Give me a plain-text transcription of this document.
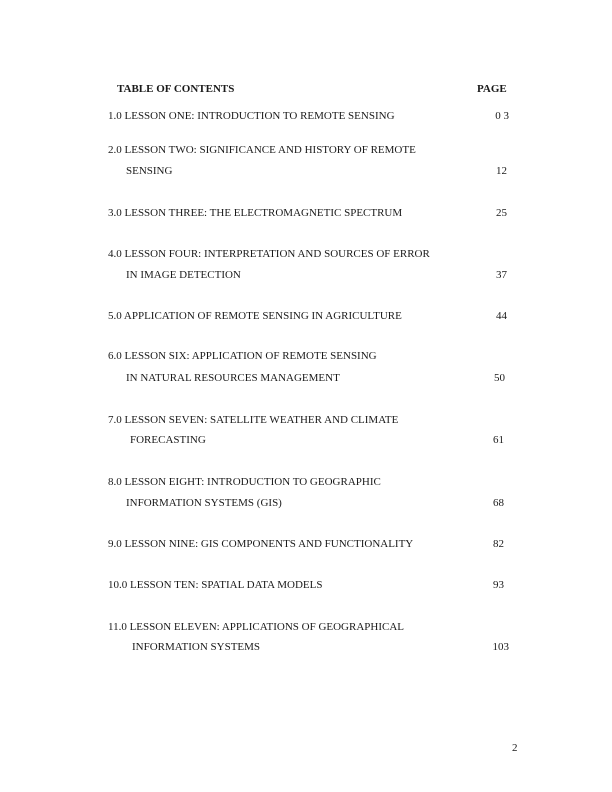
TABLE OF CONTENTS	PAGE
1.0 LESSON ONE: INTRODUCTION TO REMOTE SENSING	0 3
2.0 LESSON TWO: SIGNIFICANCE AND HISTORY OF REMOTE
SENSING	12
3.0 LESSON THREE: THE ELECTROMAGNETIC SPECTRUM	25
4.0 LESSON FOUR: INTERPRETATION AND SOURCES OF ERROR
IN IMAGE DETECTION	37
5.0 APPLICATION OF REMOTE SENSING IN AGRICULTURE	44
6.0 LESSON SIX: APPLICATION OF REMOTE SENSING
IN NATURAL RESOURCES MANAGEMENT	50
7.0 LESSON SEVEN: SATELLITE WEATHER AND CLIMATE
FORECASTING	61
8.0 LESSON EIGHT: INTRODUCTION TO GEOGRAPHIC
INFORMATION SYSTEMS (GIS)	68
9.0 LESSON NINE: GIS COMPONENTS AND FUNCTIONALITY	82
10.0 LESSON TEN: SPATIAL DATA MODELS	93
11.0 LESSON ELEVEN: APPLICATIONS OF GEOGRAPHICAL
INFORMATION SYSTEMS	103
2
